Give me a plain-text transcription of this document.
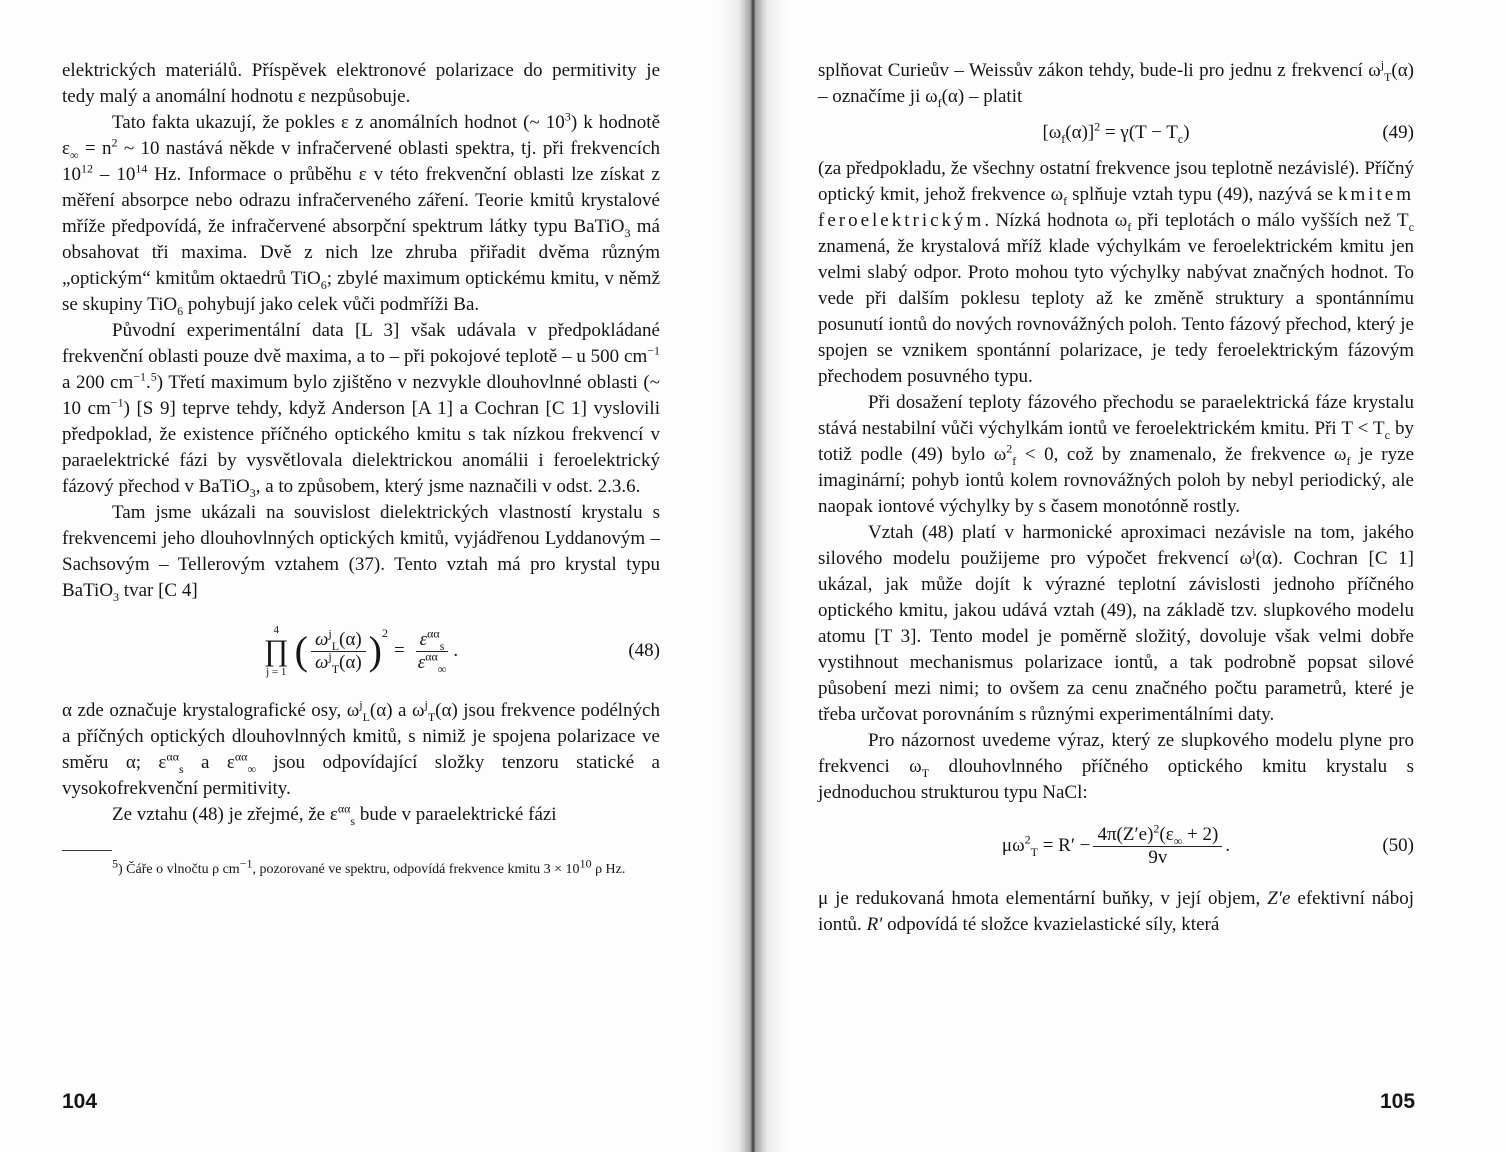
elektrických materiálů. Příspěvek elektronové polarizace do permitivity je tedy malý a anomální hodnotu ε nezpůsobuje.

Tato fakta ukazují, že pokles ε z anomálních hodnot (~ $10^3$) k hodnotě $\varepsilon_\infty = n^2$ ~ 10 nastává někde v infračervené oblasti spektra, tj. při frekvencích $10^{12} - 10^{14}$ Hz. Informace o průběhu ε v této frekvenční oblasti lze získat z měření absorpce nebo odrazu infračerveného záření. Teorie kmitů krystalové mříže předpovídá, že infračervené absorpční spektrum látky typu BaTiO$_3$ má obsahovat tři maxima. Dvě z nich lze zhruba přiřadit dvěma různým „optickým“ kmitům oktaedrů TiO$_6$; zbylé maximum optickému kmitu, v němž se skupiny TiO$_6$ pohybují jako celek vůči podmříži Ba.

Původní experimentální data [L 3] však udávala v předpokládané frekvenční oblasti pouze dvě maxima, a to – při pokojové teplotě – u 500 $cm^{-1}$ a 200 $cm^{-1}.^5$) Třetí maximum bylo zjištěno v nezvykle dlouhovlnné oblasti (~ 10 $cm^{-1}$) [S 9] teprve tehdy, když Anderson [A 1] a Cochran [C 1] vyslovili předpoklad, že existence příčného optického kmitu s tak nízkou frekvencí v paraelektrické fázi by vysvětlovala dielektrickou anomálii i feroelektrický fázový přechod v BaTiO$_3$, a to způsobem, který jsme naznačili v odst. 2.3.6.

Tam jsme ukázali na souvislost dielektrických vlastností krystalu s frekvencemi jeho dlouhovlnných optických kmitů, vyjádřenou Lyddanovým – Sachsovým – Tellerovým vztahem (37). Tento vztah má pro krystal typu BaTiO$_3$ tvar [C 4]

4
∏
j = 1 ( $\frac{\omega^j_L(\alpha)}{\omega^j_T(\alpha)} )^2$
= $\frac{\varepsilon^{\alpha\alpha}_s}{\varepsilon^{\alpha\alpha}_\infty}$ .	(48)

α zde označuje krystalografické osy, $\omega^j_L(\alpha)$ a $\omega^j_T(\alpha)$ jsou frekvence podélných a příčných optických dlouhovlnných kmitů, s nimiž je spojena polarizace ve směru α; $\varepsilon^{\alpha\alpha}_s$ a $\varepsilon^{\alpha\alpha}_\infty$ jsou odpovídající složky tenzoru statické a vysokofrekvenční permitivity.

Ze vztahu (48) je zřejmé, že $\varepsilon^{\alpha\alpha}_s$ bude v paraelektrické fázi

$^5$) Čáře o vlnočtu ρ $cm^{-1}$, pozorované ve spektru, odpovídá frekvence kmitu $3 \times 10^{10}$ ρ Hz.

104

splňovat Curieův – Weissův zákon tehdy, bude-li pro jednu z frekvencí $\omega^j_T(\alpha)$ – označíme ji $\omega_f(\alpha)$ – platit

$[\omega_f(\alpha)]^2 = \gamma(T - T_c)$	(49)

(za předpokladu, že všechny ostatní frekvence jsou teplotně nezávislé). Příčný optický kmit, jehož frekvence $\omega_f$ splňuje vztah typu (49), nazývá se kmitem feroelektrickým. Nízká hodnota $\omega_f$ při teplotách o málo vyšších než $T_c$ znamená, že krystalová mříž klade výchylkám ve feroelektrickém kmitu jen velmi slabý odpor. Proto mohou tyto výchylky nabývat značných hodnot. To vede při dalším poklesu teploty až ke změně struktury a spontánnímu posunutí iontů do nových rovnovážných poloh. Tento fázový přechod, který je spojen se vznikem spontánní polarizace, je tedy feroelektrickým fázovým přechodem posuvného typu.

Při dosažení teploty fázového přechodu se paraelektrická fáze krystalu stává nestabilní vůči výchylkám iontů ve feroelektrickém kmitu. Při $T < T_c$ by totiž podle (49) bylo $\omega^2_f < 0$, což by znamenalo, že frekvence $\omega_f$ je ryze imaginární; pohyb iontů kolem rovnovážných poloh by nebyl periodický, ale naopak iontové výchylky by s časem monotónně rostly.

Vztah (48) platí v harmonické aproximaci nezávisle na tom, jakého silového modelu použijeme pro výpočet frekvencí $\omega^j(\alpha)$. Cochran [C 1] ukázal, jak může dojít k výrazné teplotní závislosti jednoho příčného optického kmitu, jakou udává vztah (49), na základě tzv. slupkového modelu atomu [T 3]. Tento model je poměrně složitý, dovoluje však velmi dobře vystihnout mechanismus polarizace iontů, a tak podrobně popsat silové působení mezi nimi; to ovšem za cenu značného počtu parametrů, které je třeba určovat porovnáním s různými experimentálními daty.

Pro názornost uvedeme výraz, který ze slupkového modelu plyne pro frekvenci $\omega_T$ dlouhovlnného příčného optického kmitu krystalu s jednoduchou strukturou typu NaCl:

$\mu\omega^2_T = R' - \frac{4\pi(Z'e)^2(\varepsilon_\infty + 2)}{9v}$ .	(50)

μ je redukovaná hmota elementární buňky, v její objem, Z′e efektivní náboj iontů. R′ odpovídá té složce kvazielastické síly, která

105
